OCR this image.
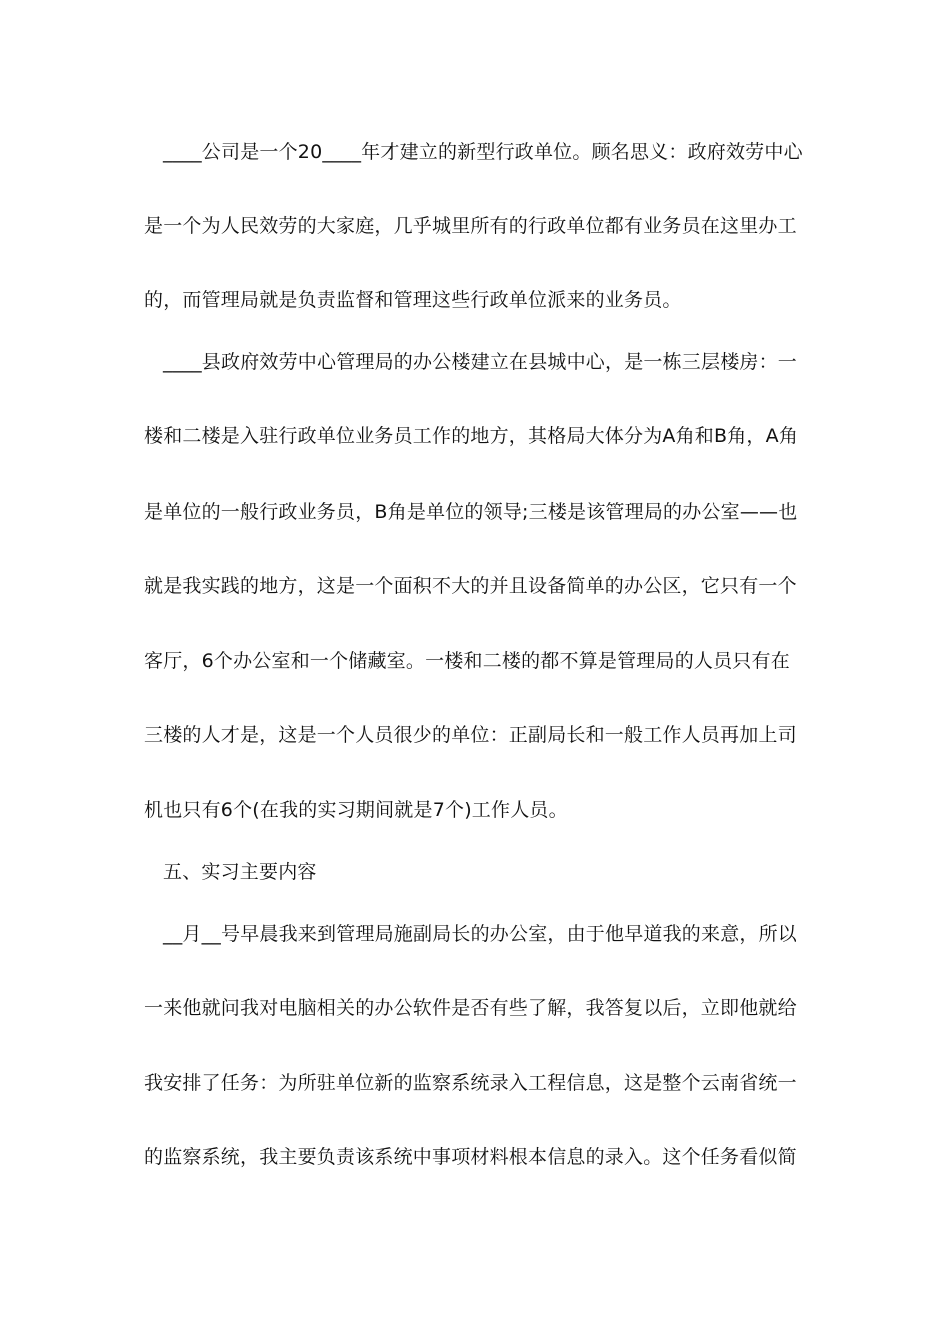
____公司是一个20____年才建立的新型行政单位。顾名思义：政府效劳中心
是一个为人民效劳的大家庭，几乎城里所有的行政单位都有业务员在这里办工
的，而管理局就是负责监督和管理这些行政单位派来的业务员。
____县政府效劳中心管理局的办公楼建立在县城中心，是一栋三层楼房：一
楼和二楼是入驻行政单位业务员工作的地方，其格局大体分为A角和B角，A角
是单位的一般行政业务员，B角是单位的领导;三楼是该管理局的办公室——也
就是我实践的地方，这是一个面积不大的并且设备简单的办公区，它只有一个
客厅，6个办公室和一个储藏室。一楼和二楼的都不算是管理局的人员只有在
三楼的人才是，这是一个人员很少的单位：正副局长和一般工作人员再加上司
机也只有6个(在我的实习期间就是7个)工作人员。
五、实习主要内容
__月__号早晨我来到管理局施副局长的办公室，由于他早道我的来意，所以
一来他就问我对电脑相关的办公软件是否有些了解，我答复以后，立即他就给
我安排了任务：为所驻单位新的监察系统录入工程信息，这是整个云南省统一
的监察系统，我主要负责该系统中事项材料根本信息的录入。这个任务看似简
